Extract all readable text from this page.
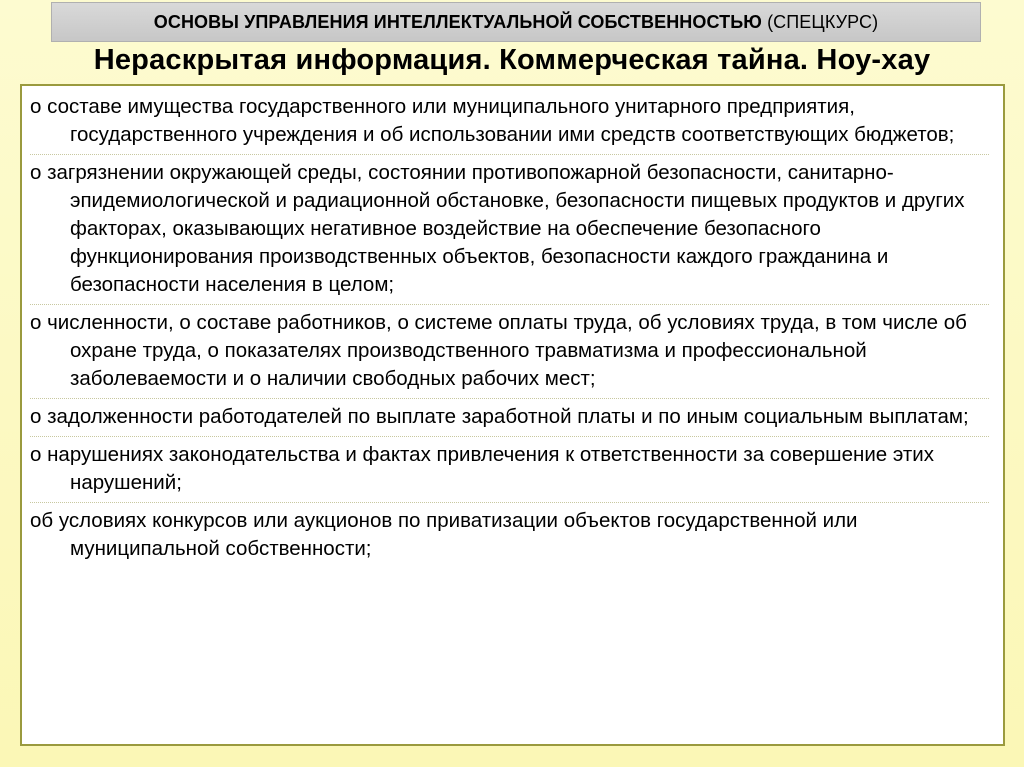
ОСНОВЫ УПРАВЛЕНИЯ ИНТЕЛЛЕКТУАЛЬНОЙ СОБСТВЕННОСТЬЮ (СПЕЦКУРС)
Нераскрытая информация. Коммерческая тайна. Ноу-хау

о составе имущества государственного или муниципального унитарного предприятия, государственного учреждения и об использовании ими средств соответствующих бюджетов;

о загрязнении окружающей среды, состоянии противопожарной безопасности, санитарно-эпидемиологической и радиационной обстановке, безопасности пищевых продуктов и других факторах, оказывающих негативное воздействие на обеспечение безопасного функционирования производственных объектов, безопасности каждого гражданина и безопасности населения в целом;

о численности, о составе работников, о системе оплаты труда, об условиях труда, в том числе об охране труда, о показателях производственного травматизма и профессиональной заболеваемости и о наличии свободных рабочих мест;

о задолженности работодателей по выплате заработной платы и по иным социальным выплатам;

о нарушениях законодательства и фактах привлечения к ответственности за совершение этих нарушений;

об условиях конкурсов или аукционов по приватизации объектов государственной или муниципальной собственности;
